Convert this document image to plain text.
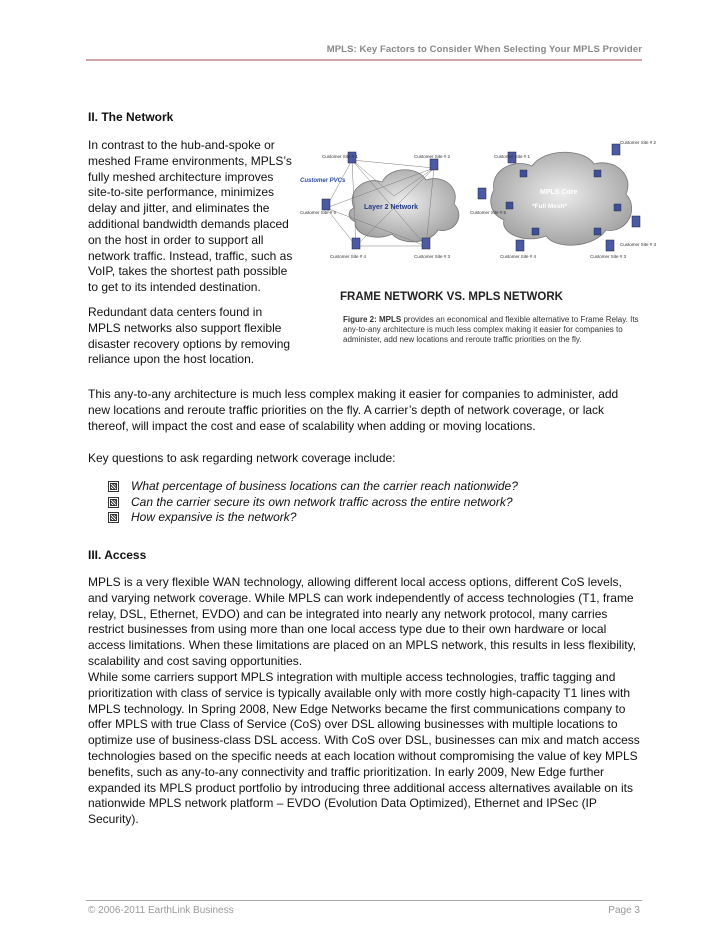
MPLS: Key Factors to Consider When Selecting Your MPLS Provider
II. The Network

In contrast to the hub-and-spoke or meshed Frame environments, MPLS’s fully meshed architecture improves site-to-site performance, minimizes delay and jitter, and eliminates the additional bandwidth demands placed on the host in order to support all network traffic. Instead, traffic, such as VoIP, takes the shortest path possible to get to its intended destination.

Redundant data centers found in MPLS networks also support flexible disaster recovery options by removing reliance upon the host location.

Layer 2 Network
Customer PVCs
Customer Site # 1	Customer Site # 2
Customer Site # 5
Customer Site # 4	Customer Site # 3
MPLS Core
*Full Mesh*
Customer Site # 1
Customer Site # 2
Customer Site # 5
Customer Site # 4	Customer Site # 3
Customer Site # 3
FRAME NETWORK VS. MPLS NETWORK
Figure 2: MPLS provides an economical and flexible alternative to Frame Relay. Its any-to-any architecture is much less complex making it easier for companies to administer, add new locations and reroute traffic priorities on the fly.

This any-to-any architecture is much less complex making it easier for companies to administer, add new locations and reroute traffic priorities on the fly. A carrier’s depth of network coverage, or lack thereof, will impact the cost and ease of scalability when adding or moving locations.

Key questions to ask regarding network coverage include:
What percentage of business locations can the carrier reach nationwide?
Can the carrier secure its own network traffic across the entire network?
How expansive is the network?
III. Access

MPLS is a very flexible WAN technology, allowing different local access options, different CoS levels, and varying network coverage. While MPLS can work independently of access technologies (T1, frame relay, DSL, Ethernet, EVDO) and can be integrated into nearly any network protocol, many carries restrict businesses from using more than one local access type due to their own hardware or local access limitations. When these limitations are placed on an MPLS network, this results in less flexibility, scalability and cost saving opportunities.

While some carriers support MPLS integration with multiple access technologies, traffic tagging and prioritization with class of service is typically available only with more costly high-capacity T1 lines with MPLS technology. In Spring 2008, New Edge Networks became the first communications company to offer MPLS with true Class of Service (CoS) over DSL allowing businesses with multiple locations to optimize use of business-class DSL access. With CoS over DSL, businesses can mix and match access technologies based on the specific needs at each location without compromising the value of key MPLS benefits, such as any-to-any connectivity and traffic prioritization. In early 2009, New Edge further expanded its MPLS product portfolio by introducing three additional access alternatives available on its nationwide MPLS network platform – EVDO (Evolution Data Optimized), Ethernet and IPSec (IP Security).

© 2006-2011 EarthLink Business	Page 3
